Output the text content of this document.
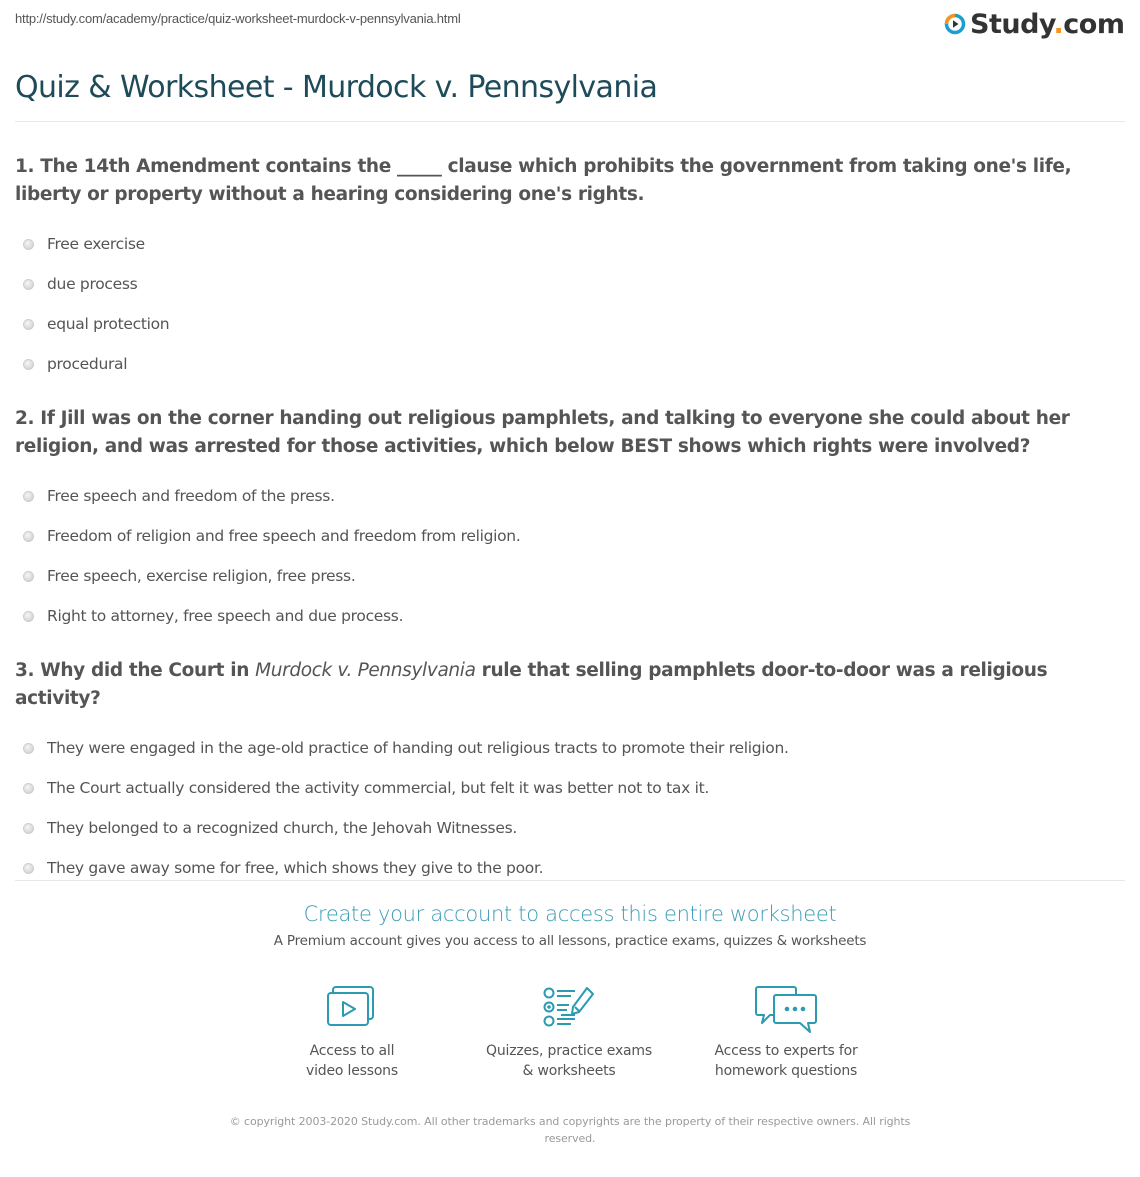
http://study.com/academy/practice/quiz-worksheet-murdock-v-pennsylvania.html	Study.com
Quiz & Worksheet - Murdock v. Pennsylvania
1. The 14th Amendment contains the _____ clause which prohibits the government from taking one's life, liberty or property without a hearing considering one's rights.
Free exercise
due process
equal protection
procedural
2. If Jill was on the corner handing out religious pamphlets, and talking to everyone she could about her religion, and was arrested for those activities, which below BEST shows which rights were involved?
Free speech and freedom of the press.
Freedom of religion and free speech and freedom from religion.
Free speech, exercise religion, free press.
Right to attorney, free speech and due process.
3. Why did the Court in Murdock v. Pennsylvania rule that selling pamphlets door-to-door was a religious activity?
They were engaged in the age-old practice of handing out religious tracts to promote their religion.
The Court actually considered the activity commercial, but felt it was better not to tax it.
They belonged to a recognized church, the Jehovah Witnesses.
They gave away some for free, which shows they give to the poor.
Create your account to access this entire worksheet
A Premium account gives you access to all lessons, practice exams, quizzes & worksheets
Access to all
video lessons
Quizzes, practice exams
& worksheets
Access to experts for
homework questions
© copyright 2003-2020 Study.com. All other trademarks and copyrights are the property of their respective owners. All rights reserved.
